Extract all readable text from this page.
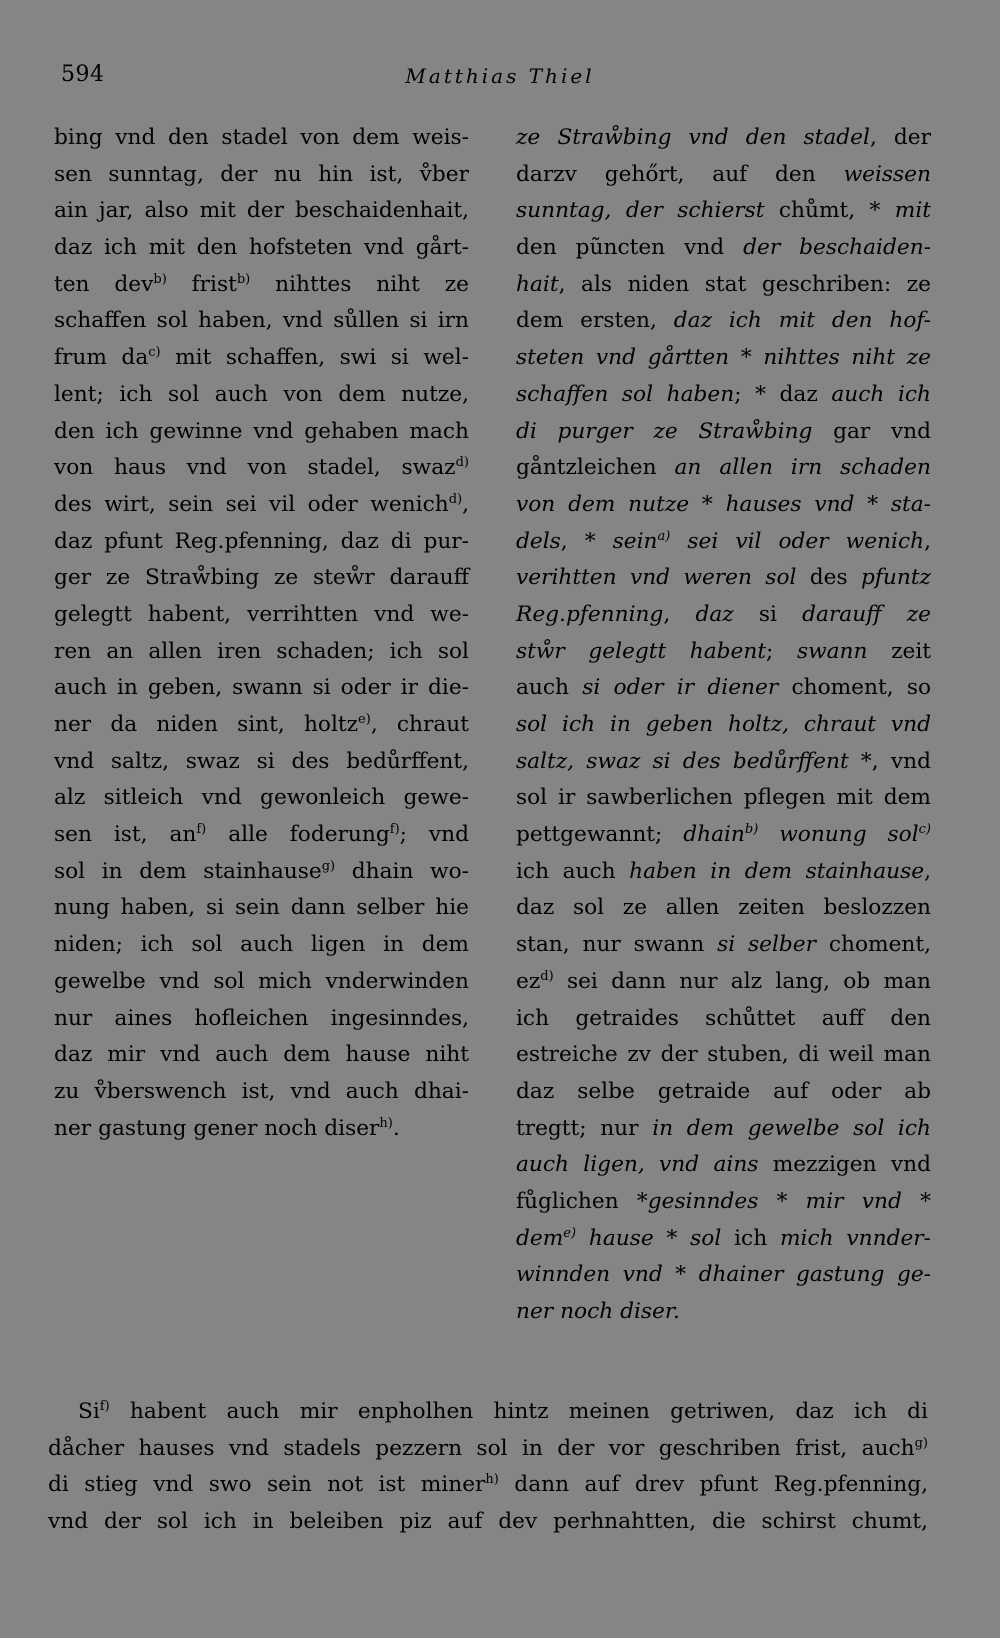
594	Matthias Thiel
bing vnd den stadel von dem weis-
sen sunntag, der nu hin ist, v̊ber
ain jar, also mit der beschaidenhait,
daz ich mit den hofsteten vnd gårt-
ten dev$^{b)}$ frist$^{b)}$ nihttes niht ze
schaffen sol haben, vnd sůllen si irn
frum $da^{c)}$ mit schaffen, swi si wel-
lent; ich sol auch von dem nutze,
den ich gewinne vnd gehaben mach
von haus vnd von stadel, swaz$^{d)}$
des wirt, sein sei vil oder wenich$^{d)}$,
daz pfunt Reg.pfenning, daz di pur-
ger ze Straẘbing ze steẘr darauff
gelegtt habent, verrihtten vnd we-
ren an allen iren schaden; ich sol
auch in geben, swann si oder ir die-
ner da niden sint, holtz$^{e)}$, chraut
vnd saltz, swaz si des bedůrffent,
alz sitleich vnd gewonleich gewe-
sen ist, $an^{f)}$ alle foderung$^{f)}$; vnd
sol in dem stainhause$^{g)}$ dhain wo-
nung haben, si sein dann selber hie
niden; ich sol auch ligen in dem
gewelbe vnd sol mich vnderwinden
nur aines hofleichen ingesinndes,
daz mir vnd auch dem hause niht
zu v̊berswench ist, vnd auch dhai-
ner gastung gener noch diser$^{h)}$.
ze Straẘbing vnd den stadel, der
darzv gehőrt, auf den weissen
sunntag, der schierst chůmt, * mit
den pũncten vnd der beschaiden-
hait, als niden stat geschriben: ze
dem ersten, daz ich mit den hof-
steten vnd gårtten * nihttes niht ze
schaffen sol haben; * daz auch ich
di purger ze Straẘbing gar vnd
gåntzleichen an allen irn schaden
von dem nutze * hauses vnd * sta-
dels, * sein$^{a)}$ sei vil oder wenich,
verihtten vnd weren sol des pfuntz
Reg.pfenning, daz si darauff ze
stẘr gelegtt habent; swann zeit
auch si oder ir diener choment, so
sol ich in geben holtz, chraut vnd
saltz, swaz si des bedůrffent *, vnd
sol ir sawberlichen pflegen mit dem
pettgewannt; dhain$^{b)}$ wonung sol$^{c)}$
ich auch haben in dem stainhause,
daz sol ze allen zeiten beslozzen
stan, nur swann si selber choment,
$ez^{d)}$ sei dann nur alz lang, ob man
ich getraides schůttet auff den
estreiche zv der stuben, di weil man
daz selbe getraide auf oder ab
tregtt; nur in dem gewelbe sol ich
auch ligen, vnd ains mezzigen vnd
fůglichen *gesinndes * mir vnd *
dem$^{e)}$ hause * sol ich mich vnnder-
winnden vnd * dhainer gastung ge-
ner noch diser.
Si$^{f)}$ habent auch mir enpholhen hintz meinen getriwen, daz ich di
dåcher hauses vnd stadels pezzern sol in der vor geschriben frist, auch$^{g)}$
di stieg vnd swo sein not ist miner$^{h)}$ dann auf drev pfunt Reg.pfenning,
vnd der sol ich in beleiben piz auf dev perhnahtten, die schirst chumt,
